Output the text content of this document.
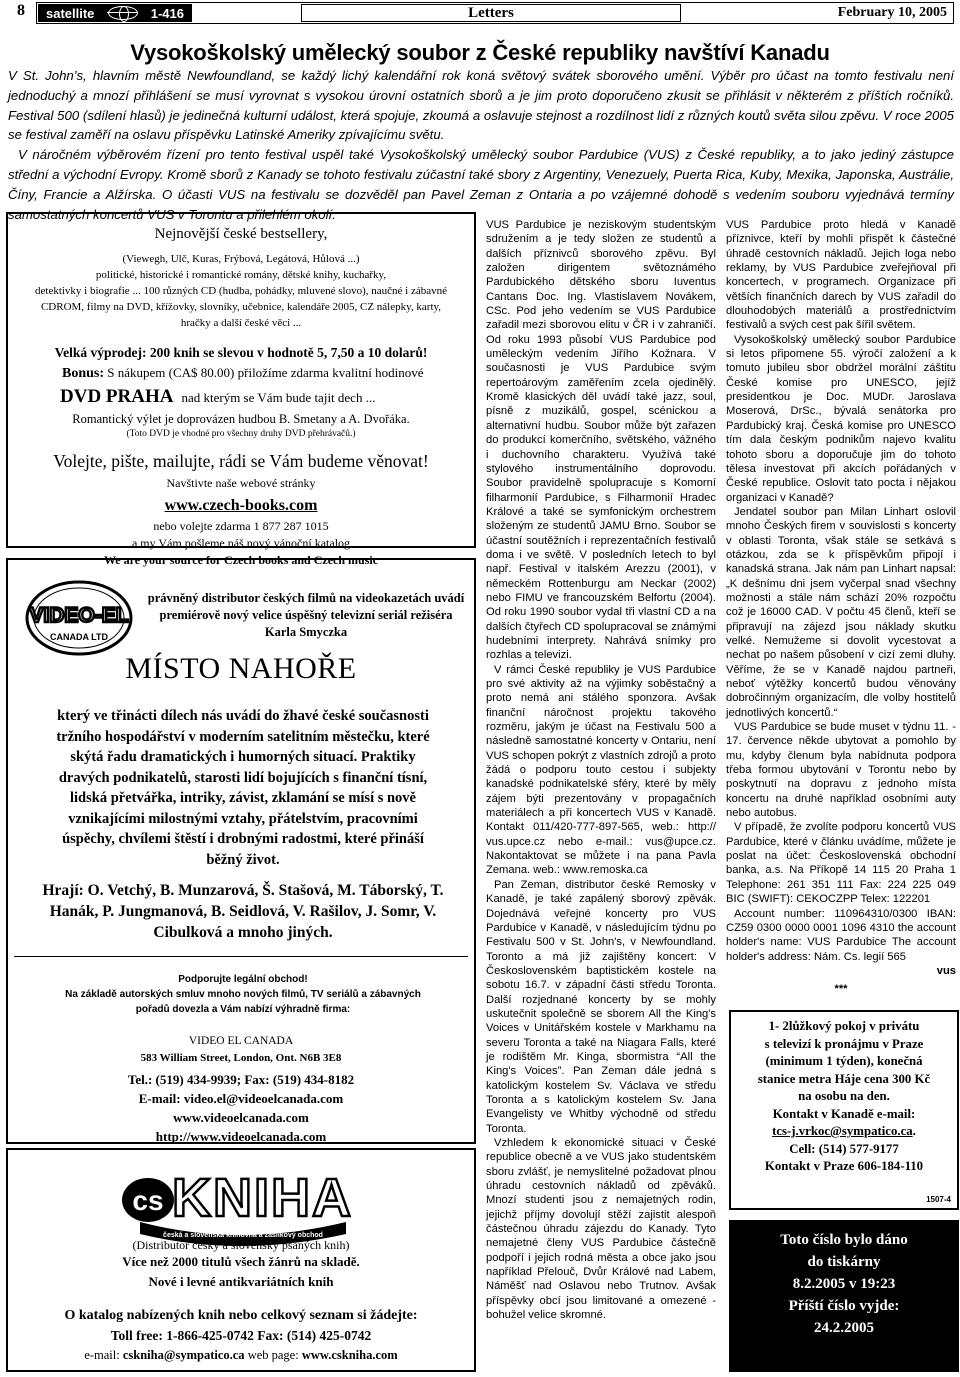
8	satellite	1-416	Letters	February 10, 2005
Vysokoškolský umělecký soubor z České republiky navštíví Kanadu

V St. John’s, hlavním městě Newfoundland, se každý lichý kalendářní rok koná světový svátek sborového umění. Výběr pro účast na tomto festivalu není jednoduchý a mnozí přihlášení se musí vyrovnat s vysokou úrovní ostatních sborů a je jim proto doporučeno zkusit se přihlásit v některém z příštích ročníků. Festival 500 (sdílení hlasů) je jedinečná kulturní událost, která spojuje, zkoumá a oslavuje stejnost a rozdílnost lidí z různých koutů světa silou zpěvu. V roce 2005 se festival zaměří na oslavu příspěvku Latinské Ameriky zpívajícímu světu.

V náročném výběrovém řízení pro tento festival uspěl také Vysokoškolský umělecký soubor Pardubice (VUS) z České republiky, a to jako jediný zástupce střední a východní Evropy. Kromě sborů z Kanady se tohoto festivalu zúčastní také sbory z Argentiny, Venezuely, Puerta Rica, Kuby, Mexika, Japonska, Austrálie, Číny, Francie a Alžírska. O účasti VUS na festivalu se dozvěděl pan Pavel Zeman z Ontaria a po vzájemné dohodě s vedením souboru vyjednává termíny samostatných koncertů VUS v Torontu a přilehlém okolí.

Nejnovější české bestsellery,
(Viewegh, Ulč, Kuras, Frýbová, Legátová, Hůlová ...)
politické, historické i romantické romány, dětské knihy, kuchařky,
detektivky i biografie ... 100 různých CD (hudba, pohádky, mluvené slovo), naučné i zábavné
CDROM, filmy na DVD, křížovky, slovníky, učebnice, kalendáře 2005, CZ nálepky, karty,
hračky a další české věci ...
Velká výprodej: 200 knih se slevou v hodnotě 5, 7,50 a 10 dolarů!
Bonus: S nákupem (CA$ 80.00) přiložíme zdarma kvalitní hodinové
DVD PRAHA nad kterým se Vám bude tajit dech ...
Romantický výlet je doprovázen hudbou B. Smetany a A. Dvořáka.
(Toto DVD je vhodné pro všechny druhy DVD přehrávačů.)
Volejte, pište, mailujte, rádi se Vám budeme věnovat!
Navštivte naše webové stránky
www.czech-books.com
nebo volejte zdarma 1 877 287 1015
a my Vám pošleme náš nový vánoční katalog
We are your source for Czech books and Czech music
VIDEO-EL
CANADA LTD
právněný distributor českých filmů na videokazetách uvádí premiérově nový velice úspěšný televizní seriál režiséra Karla Smyczka
MÍSTO NAHOŘE
který ve třinácti dílech nás uvádí do žhavé české současnosti tržního hospodářství v moderním satelitním městečku, které skýtá řadu dramatických i humorných situací. Praktiky dravých podnikatelů, starosti lidí bojujících s finanční tísní, lidská přetvářka, intriky, závist, zklamání se mísí s nově vznikajícími milostnými vztahy, přátelstvím, pracovními úspěchy, chvílemi štěstí i drobnými radostmi, které přináší běžný život.
Hrají: O. Vetchý, B. Munzarová, Š. Stašová, M. Táborský, T. Hanák, P. Jungmanová, B. Seidlová, V. Rašilov, J. Somr, V. Cibulková a mnoho jiných.
Podporujte legální obchod!
Na základě autorských smluv mnoho nových filmů, TV seriálů a zábavných pořadů dovezla a Vám nabízí výhradně firma:
VIDEO EL CANADA
583 William Street, London, Ont. N6B 3E8
Tel.: (519) 434-9939; Fax: (519) 434-8182
E-mail: video.el@videoelcanada.com
www.videoelcanada.com
http://www.videoelcanada.com
cs KNIHA
česká a slovenská knihovna a zásilkový obchod
(Distributor česky a slovensky psaných knih)
Více než 2000 titulů všech žánrů na skladě.
Nové i levné antikvariátních knih
O katalog nabízených knih nebo celkový seznam si žádejte:
Toll free: 1-866-425-0742 Fax: (514) 425-0742
e-mail: cskniha@sympatico.ca web page: www.cskniha.com

VUS Pardubice je neziskovým studentským sdružením a je tedy složen ze studentů a dalších příznivců sborového zpěvu. Byl založen dirigentem světoznámého Pardubického dětského sboru Iuventus Cantans Doc. Ing. Vlastislavem Novákem, CSc. Pod jeho vedením se VUS Pardubice zařadil mezi sborovou elitu v ČR i v zahraničí. Od roku 1993 působí VUS Pardubice pod uměleckým vedením Jiřího Kožnara. V současnosti je VUS Pardubice svým repertoárovým zaměřením zcela ojedinělý. Kromě klasických děl uvádí také jazz, soul, písně z muzikálů, gospel, scénickou a alternativní hudbu. Soubor může být zařazen do produkcí komerčního, světského, vážného i duchovního charakteru. Využívá také stylového instrumentálního doprovodu. Soubor pravidelně spolupracuje s Komorní filharmonií Pardubice, s Filharmonií Hradec Králové a také se symfonickým orchestrem složeným ze studentů JAMU Brno. Soubor se účastní soutěžních i reprezentačních festivalů doma i ve světě. V posledních letech to byl např. Festival v italském Arezzu (2001), v německém Rottenburgu am Neckar (2002) nebo FIMU ve francouzském Belfortu (2004). Od roku 1990 soubor vydal tři vlastní CD a na dalších čtyřech CD spolupracoval se známými hudebními interprety. Nahrává snímky pro rozhlas a televizi.

V rámci České republiky je VUS Pardubice pro své aktivity až na výjimky soběstačný a proto nemá ani stálého sponzora. Avšak finanční náročnost projektu takového rozměru, jakým je účast na Festivalu 500 a následně samostatné koncerty v Ontariu, není VUS schopen pokrýt z vlastních zdrojů a proto žádá o podporu touto cestou i subjekty kanadské podnikatelské sféry, které by měly zájem býti prezentovány v propagačních materiálech a při koncertech VUS v Kanadě. Kontakt 011/420-777-897-565, web.: http:// vus.upce.cz nebo e-mail.: vus@upce.cz. Nakontaktovat se můžete i na pana Pavla Zemana. web.: www.remoska.ca

Pan Zeman, distributor české Remosky v Kanadě, je také zapálený sborový zpěvák. Dojednává veřejné koncerty pro VUS Pardubice v Kanadě, v následujícím týdnu po Festivalu 500 v St. John's, v Newfoundland. Toronto a má již zajištěny koncert: V Československém baptistickém kostele na sobotu 16.7. v západní části středu Toronta. Další rozjednané koncerty by se mohly uskutečnit společně se sborem All the King's Voices v Unitářském kostele v Markhamu na severu Toronta a také na Niagara Falls, které je rodištěm Mr. Kinga, sbormistra “All the King's Voices”. Pan Zeman dále jedná s katolickým kostelem Sv. Václava ve středu Toronta a s katolickým kostelem Sv. Jana Evangelisty ve Whitby východně od středu Toronta.

Vzhledem k ekonomické situaci v České republice obecně a ve VUS jako studentském sboru zvlášť, je nemyslitelné požadovat plnou úhradu cestovních nákladů od zpěváků. Mnozí studenti jsou z nemajetných rodin, jejichž příjmy dovolují stěží zajistit alespoň částečnou úhradu zájezdu do Kanady. Tyto nemajetné členy VUS Pardubice částečně podpoří i jejich rodná města a obce jako jsou například Přelouč, Dvůr Králové nad Labem, Náměšť nad Oslavou nebo Trutnov. Avšak příspěvky obcí jsou limitované a omezené - bohužel velice skromné.

VUS Pardubice proto hledá v Kanadě příznivce, kteří by mohli přispět k částečné úhradě cestovních nákladů. Jejich loga nebo reklamy, by VUS Pardubice zveřejňoval při koncertech, v programech. Organizace při větších finančních darech by VUS zařadil do dlouhodobých materiálů a prostřednictvím festivalů a svých cest pak šířil světem.

Vysokoškolský umělecký soubor Pardubice si letos připomene 55. výročí založení a k tomuto jubileu sbor obdržel morální záštitu České komise pro UNESCO, jejíž presidentkou je Doc. MUDr. Jaroslava Moserová, DrSc., bývalá senátorka pro Pardubický kraj. Česká komise pro UNESCO tím dala českým podnikům najevo kvalitu tohoto sboru a doporučuje jim do tohoto tělesa investovat při akcích pořádaných v České republice. Oslovit tato pocta i nějakou organizaci v Kanadě?

Jendatel soubor pan Milan Linhart oslovil mnoho Českých firem v souvislosti s koncerty v oblasti Toronta, však stále se setkává s otázkou, zda se k příspěvkům připojí i kanadská strana. Jak nám pan Linhart napsal: „K dešnímu dni jsem vyčerpal snad všechny možnosti a stále nám schází 20% rozpočtu což je 16000 CAD. V počtu 45 členů, kteří se připravují na zájezd jsou náklady skutku velké. Nemužeme si dovolit vycestovat a nechat po našem působení v cizí zemi dluhy. Věříme, že se v Kanadě najdou partneři, neboť výtěžky koncertů budou věnovány dobročinným organizacím, dle volby hostitelů jednotlivých koncertů.“

VUS Pardubice se bude muset v týdnu 11. - 17. července někde ubytovat a pomohlo by mu, kdyby členum byla nabídnuta podpora třeba formou ubytování v Torontu nebo by poskytnutí na dopravu z jednoho místa koncertu na druhé například osobními auty nebo autobus.

V případě, že zvolíte podporu koncertů VUS Pardubice, které v článku uvádíme, můžete je poslat na účet: Československá obchodní banka, a.s. Na Příkopě 14 115 20 Praha 1 Telephone: 261 351 111 Fax: 224 225 049 BIC (SWIFT): CEKOCZPP Telex: 122201

Account number: 110964310/0300 IBAN: CZ59 0300 0000 0001 1096 4310 the account holder's name: VUS Pardubice The account holder's address: Nám. Cs. legií 565

vus
***
1- 2lůžkový pokoj v privátu
s televizí k pronájmu v Praze
(minimum 1 týden), konečná
stanice metra Háje cena 300 Kč
na osobu na den.
Kontakt v Kanadě e-mail:
tcs-j.vrkoc@sympatico.ca.
Cell: (514) 577-9177
Kontakt v Praze 606-184-110
1507-4
Toto číslo bylo dáno
do tiskárny
8.2.2005 v 19:23
Příští číslo vyjde:
24.2.2005
